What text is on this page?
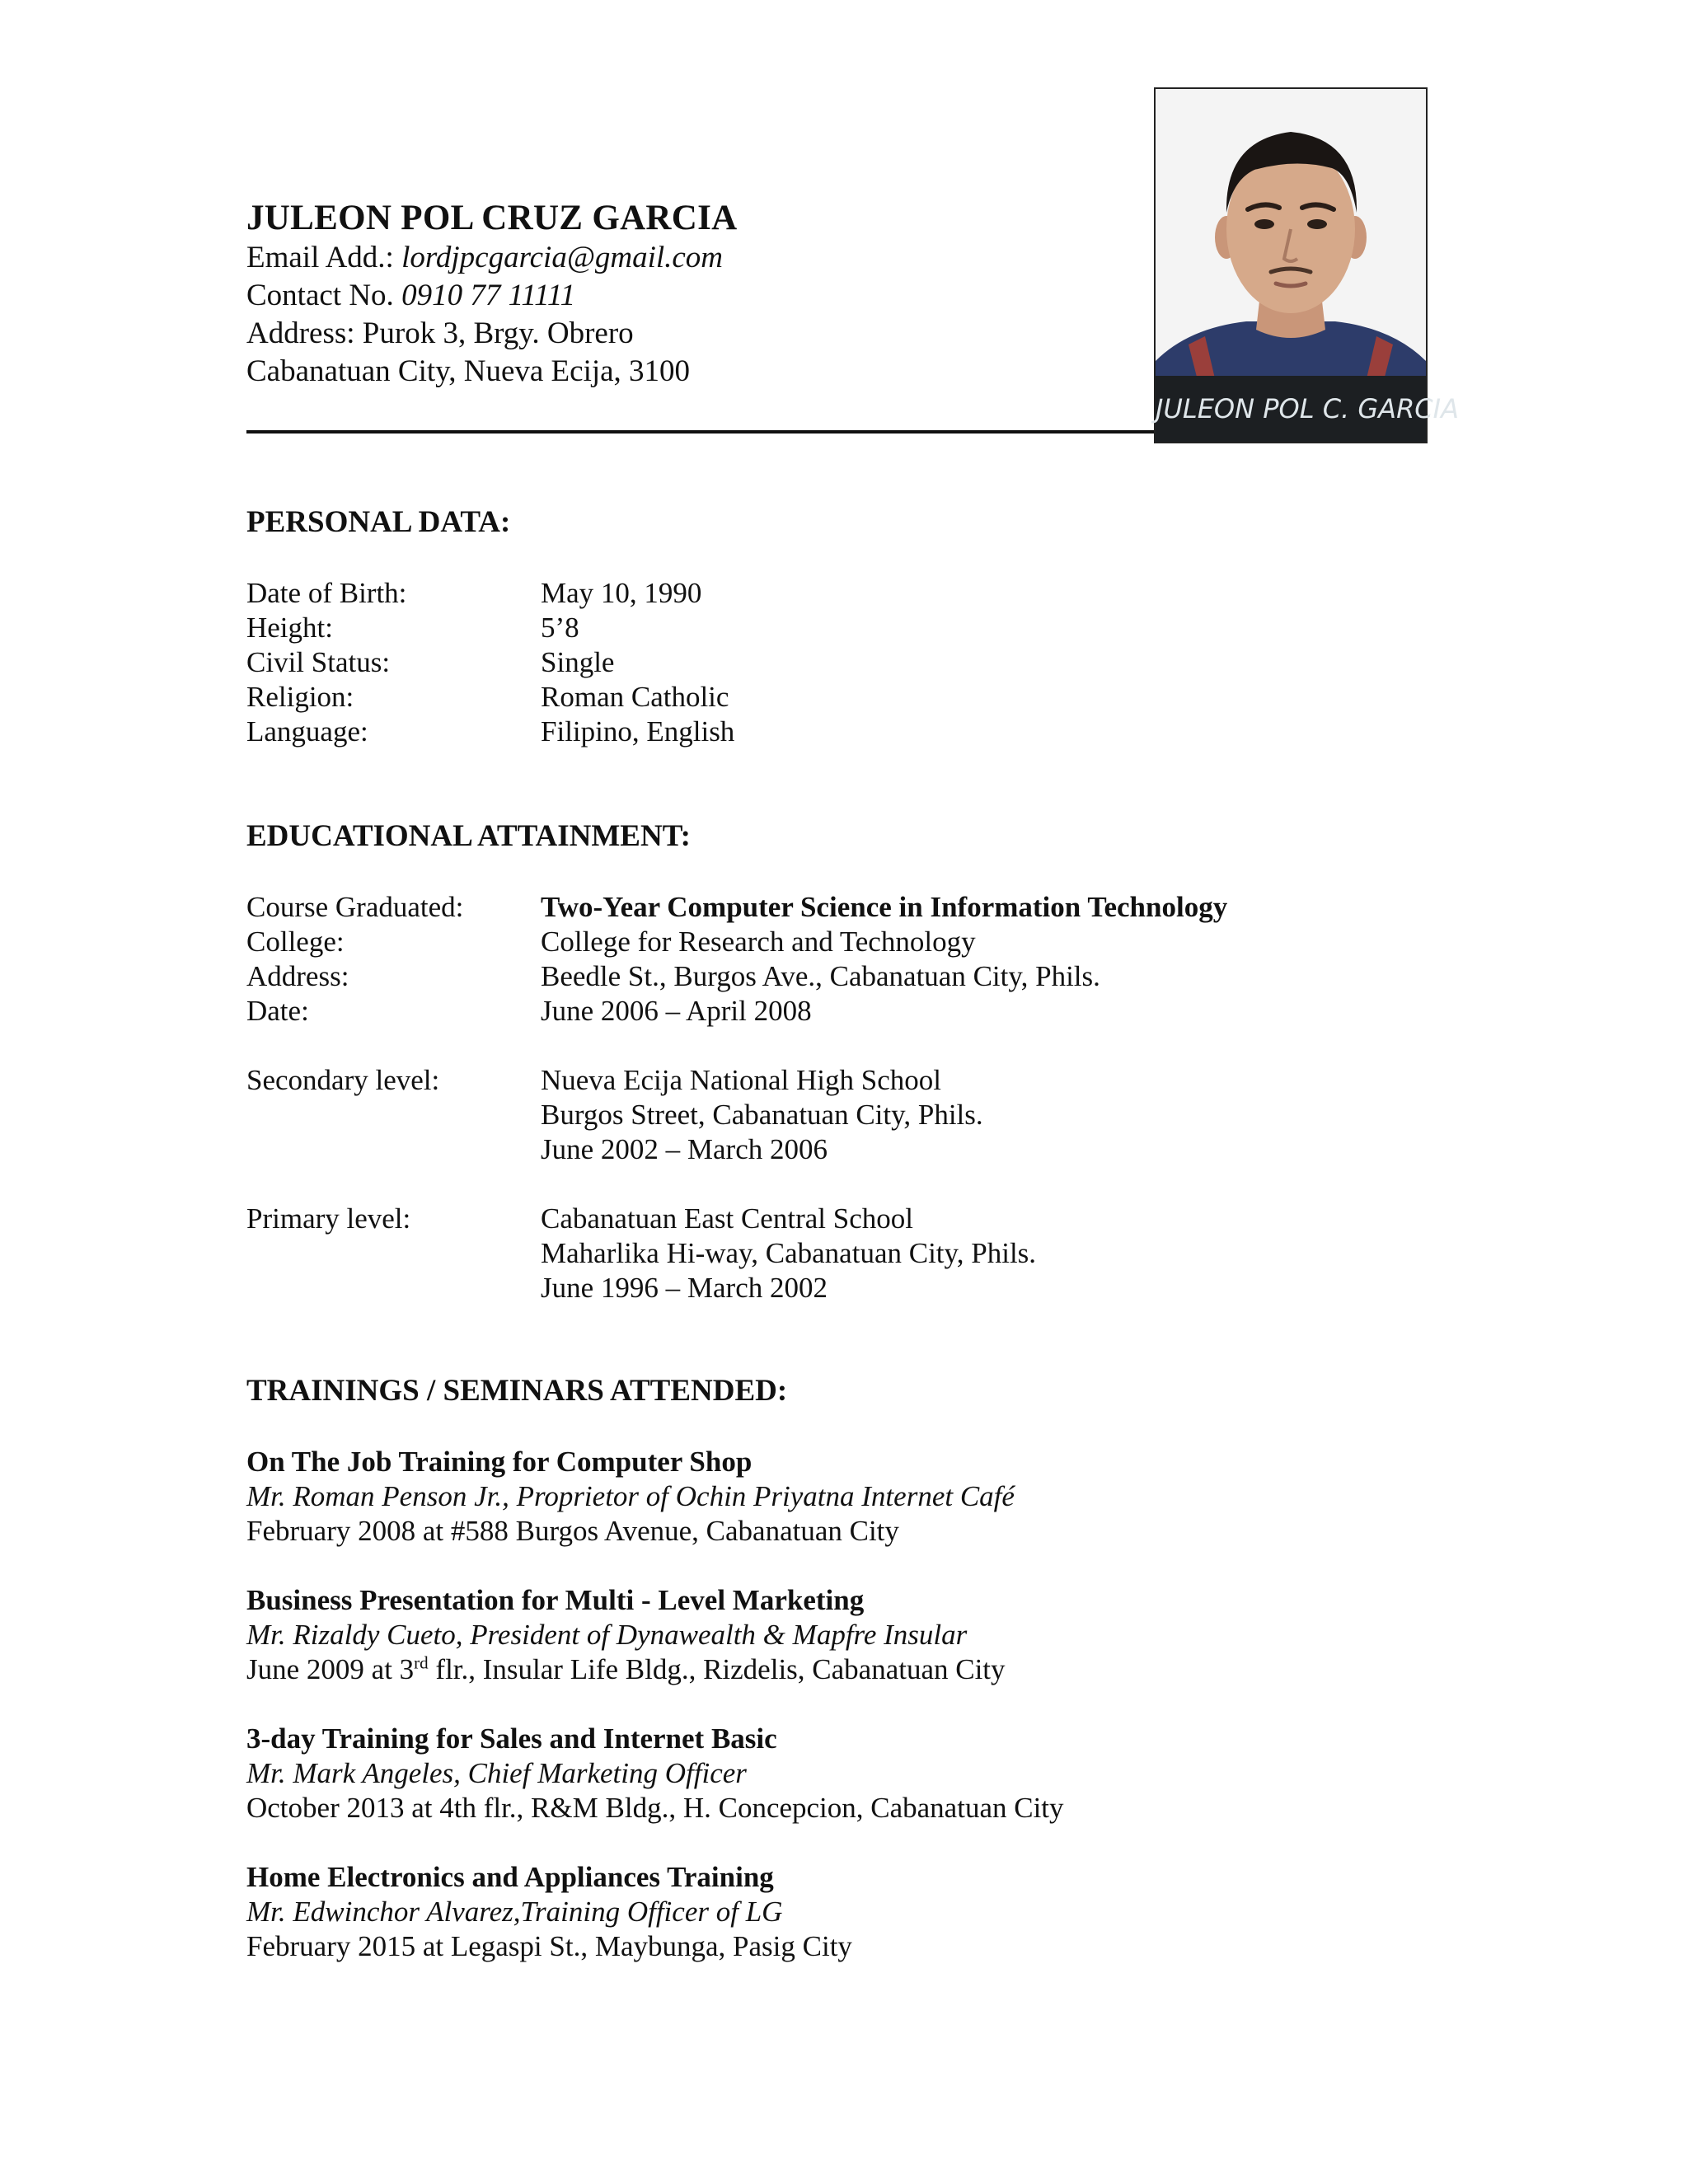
JULEON POL CRUZ GARCIA
Email Add.: lordjpcgarcia@gmail.com
Contact No. 0910 77 11111
Address: Purok 3, Brgy. Obrero
Cabanatuan City, Nueva Ecija, 3100
JULEON POL C. GARCIA
PERSONAL DATA:
Date of Birth:	May 10, 1990
Height:	5’8
Civil Status:	Single
Religion:	Roman Catholic
Language:	Filipino, English
EDUCATIONAL ATTAINMENT:
Course Graduated:	Two-Year Computer Science in Information Technology
College:	College for Research and Technology
Address:	Beedle St., Burgos Ave., Cabanatuan City, Phils.
Date:	June 2006 – April 2008
Secondary level:	Nueva Ecija National High School
Burgos Street, Cabanatuan City, Phils.
June 2002 – March 2006
Primary level:	Cabanatuan East Central School
Maharlika Hi-way, Cabanatuan City, Phils.
June 1996 – March 2002
TRAININGS / SEMINARS ATTENDED:
On The Job Training for Computer Shop
Mr. Roman Penson Jr., Proprietor of Ochin Priyatna Internet Café
February 2008 at #588 Burgos Avenue, Cabanatuan City
Business Presentation for Multi - Level Marketing
Mr. Rizaldy Cueto, President of Dynawealth & Mapfre Insular
June 2009 at 3rd flr., Insular Life Bldg., Rizdelis, Cabanatuan City
3-day Training for Sales and Internet Basic
Mr. Mark Angeles, Chief Marketing Officer
October 2013 at 4th flr., R&M Bldg., H. Concepcion, Cabanatuan City
Home Electronics and Appliances Training
Mr. Edwinchor Alvarez,Training Officer of LG
February 2015 at Legaspi St., Maybunga, Pasig City
